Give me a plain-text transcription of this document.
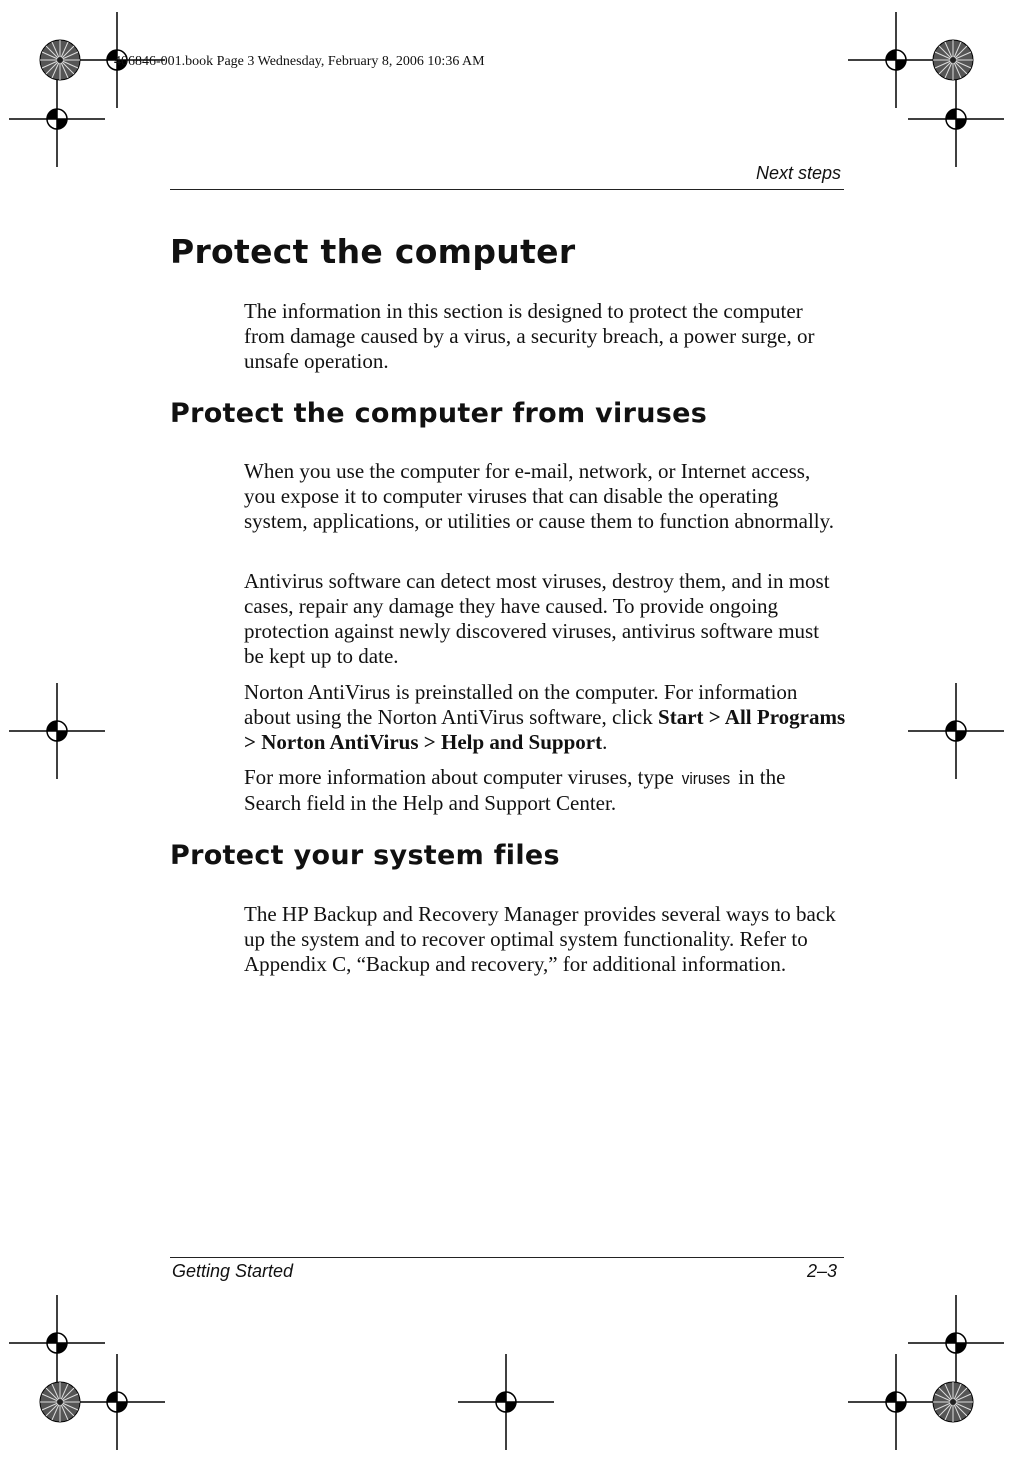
406846-001.book Page 3 Wednesday, February 8, 2006 10:36 AM
Next steps
Protect the computer

The information in this section is designed to protect the computer from damage caused by a virus, a security breach, a power surge, or unsafe operation.

Protect the computer from viruses

When you use the computer for e-mail, network, or Internet access, you expose it to computer viruses that can disable the operating system, applications, or utilities or cause them to function abnormally.

Antivirus software can detect most viruses, destroy them, and in most cases, repair any damage they have caused. To provide ongoing protection against newly discovered viruses, antivirus software must be kept up to date.

Norton AntiVirus is preinstalled on the computer. For information about using the Norton AntiVirus software, click Start > All Programs > Norton AntiVirus > Help and Support.

For more information about computer viruses, type viruses in the Search field in the Help and Support Center.

Protect your system files

The HP Backup and Recovery Manager provides several ways to back up the system and to recover optimal system functionality. Refer to Appendix C, “Backup and recovery,” for additional information.

Getting Started	2–3
